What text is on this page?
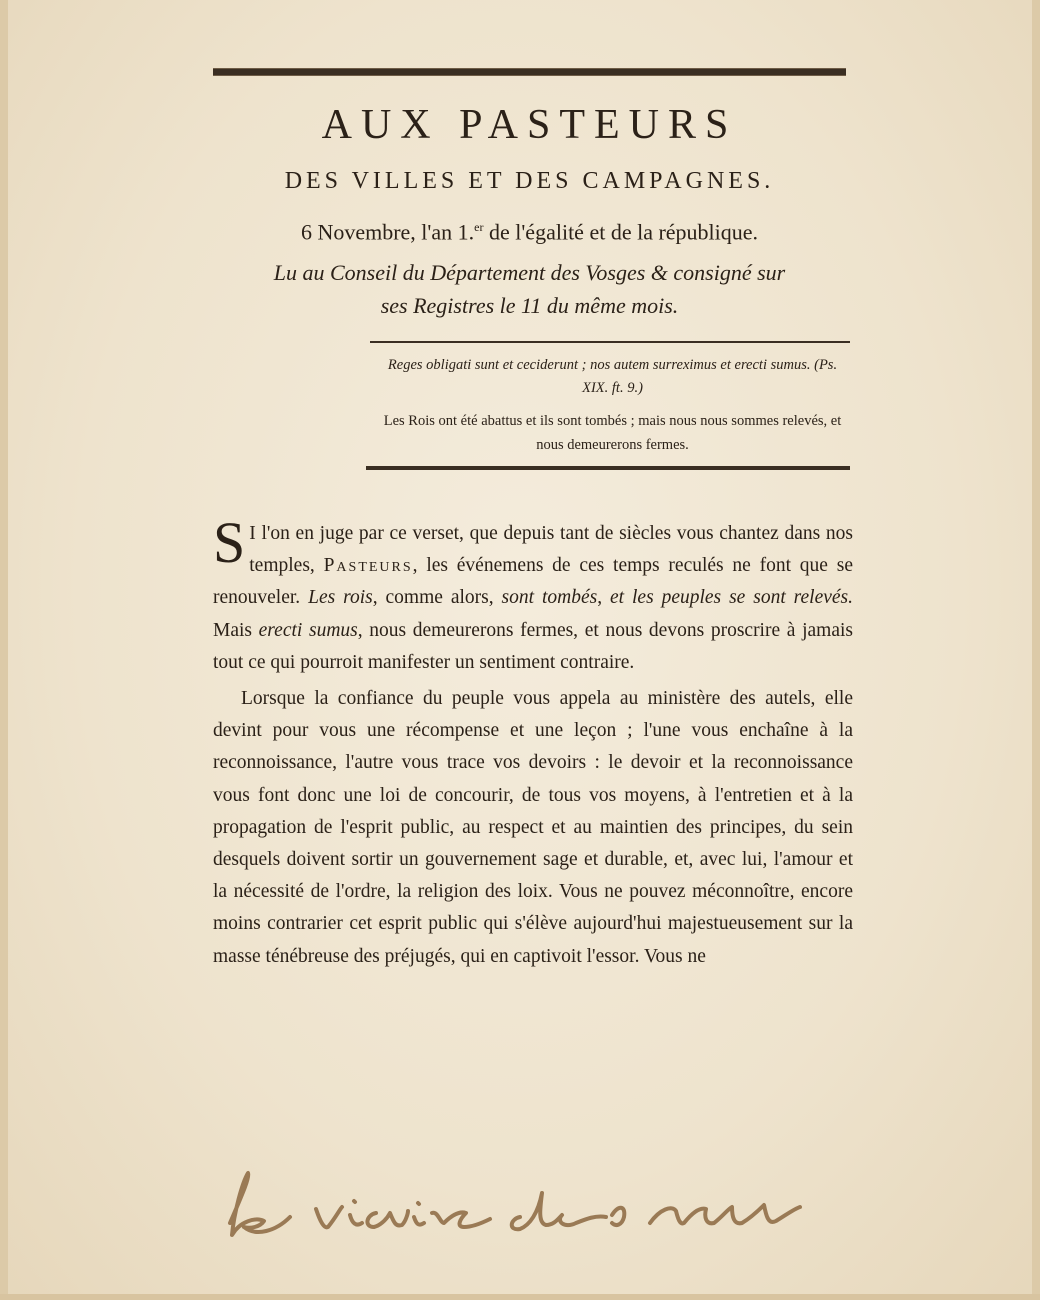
AUX PASTEURS
DES VILLES ET DES CAMPAGNES.
6 Novembre, l'an 1.$^{er}$ de l'égalité et de la république.
Lu au Conseil du Département des Vosges & consigné sur
ses Registres le 11 du même mois.
Reges obligati sunt et ceciderunt ; nos autem surreximus et erecti sumus. (Ps. XIX. ft. 9.)
Les Rois ont été abattus et ils sont tombés ; mais nous nous sommes relevés, et nous demeurerons fermes.

S I l'on en juge par ce verset, que depuis tant de siècles vous chantez dans nos temples, Pasteurs, les événemens de ces temps reculés ne font que se renouveler. Les rois, comme alors, sont tombés, et les peuples se sont relevés. Mais erecti sumus, nous demeurerons fermes, et nous devons proscrire à jamais tout ce qui pourroit manifester un sentiment contraire.

Lorsque la confiance du peuple vous appela au ministère des autels, elle devint pour vous une récompense et une leçon ; l'une vous enchaîne à la reconnoissance, l'autre vous trace vos devoirs : le devoir et la reconnoissance vous font donc une loi de concourir, de tous vos moyens, à l'entretien et à la propagation de l'esprit public, au respect et au maintien des principes, du sein desquels doivent sortir un gouvernement sage et durable, et, avec lui, l'amour et la nécessité de l'ordre, la religion des loix. Vous ne pouvez méconnoître, encore moins contrarier cet esprit public qui s'élève aujourd'hui majestueusement sur la masse ténébreuse des préjugés, qui en captivoit l'essor. Vous ne
